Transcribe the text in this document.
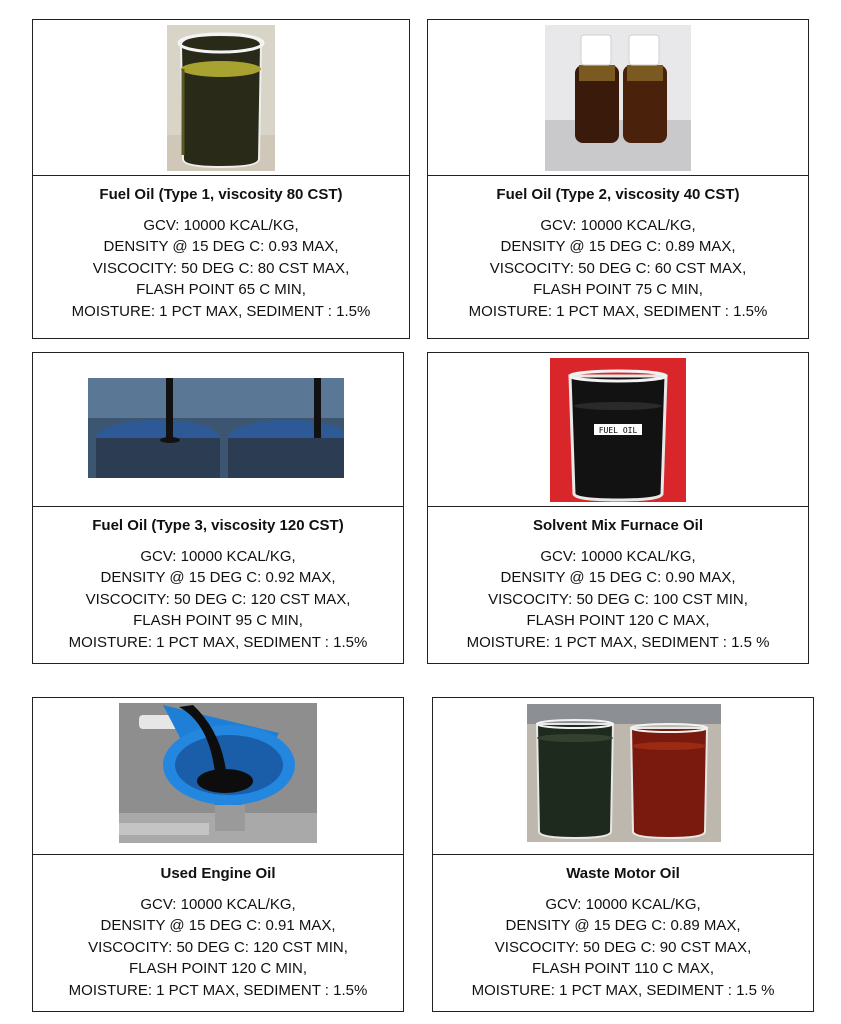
Fuel Oil (Type 1, viscosity 80 CST)

GCV: 10000 KCAL/KG,

DENSITY @ 15 DEG C: 0.93 MAX,

VISCOCITY: 50 DEG C: 80 CST MAX,

FLASH POINT 65 C MIN,

MOISTURE: 1 PCT MAX, SEDIMENT : 1.5%

Fuel Oil (Type 2, viscosity 40 CST)

GCV: 10000 KCAL/KG,

DENSITY @ 15 DEG C: 0.89 MAX,

VISCOCITY: 50 DEG C: 60 CST MAX,

FLASH POINT 75 C MIN,

MOISTURE: 1 PCT MAX, SEDIMENT : 1.5%

Fuel Oil (Type 3, viscosity 120 CST)

GCV: 10000 KCAL/KG,

DENSITY @ 15 DEG C: 0.92 MAX,

VISCOCITY: 50 DEG C: 120 CST MAX,

FLASH POINT 95 C MIN,

MOISTURE: 1 PCT MAX, SEDIMENT : 1.5%

FUEL OIL
Solvent Mix Furnace Oil

GCV: 10000 KCAL/KG,

DENSITY @ 15 DEG C: 0.90 MAX,

VISCOCITY: 50 DEG C: 100 CST MIN,

FLASH POINT 120 C MAX,

MOISTURE: 1 PCT MAX, SEDIMENT : 1.5 %

Used Engine Oil

GCV: 10000 KCAL/KG,

DENSITY @ 15 DEG C: 0.91 MAX,

VISCOCITY: 50 DEG C: 120 CST MIN,

FLASH POINT 120 C MIN,

MOISTURE: 1 PCT MAX, SEDIMENT : 1.5%

Waste Motor Oil

GCV: 10000 KCAL/KG,

DENSITY @ 15 DEG C: 0.89 MAX,

VISCOCITY: 50 DEG C: 90 CST MAX,

FLASH POINT 110 C MAX,

MOISTURE: 1 PCT MAX, SEDIMENT : 1.5 %
